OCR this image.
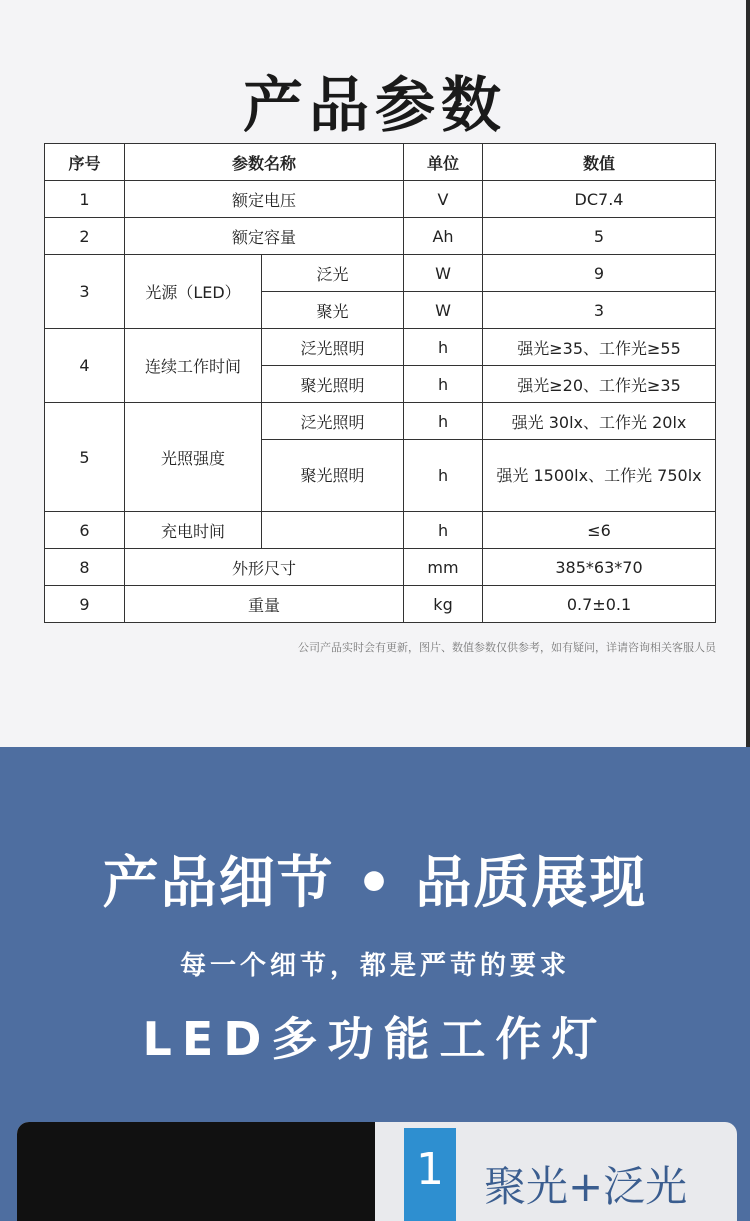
产品参数
序号	参数名称		单位	数值
1	额定电压		V	DC7.4
2	额定容量		Ah	5
3	光源（LED）	泛光	W	9
		聚光	W	3
4	连续工作时间	泛光照明	h	强光≥35、工作光≥55
		聚光照明	h	强光≥20、工作光≥35
5	光照强度	泛光照明	h	强光 30lx、工作光 20lx
		聚光照明	h	强光 1500lx、工作光 750lx
6	充电时间		h	≤6
8	外形尺寸		mm	385*63*70
9	重量		kg	0.7±0.1
公司产品实时会有更新，图片、数值参数仅供参考，如有疑问，详请咨询相关客服人员
产品细节 • 品质展现
每一个细节，都是严苛的要求
LED多功能工作灯
1 聚光+泛光
